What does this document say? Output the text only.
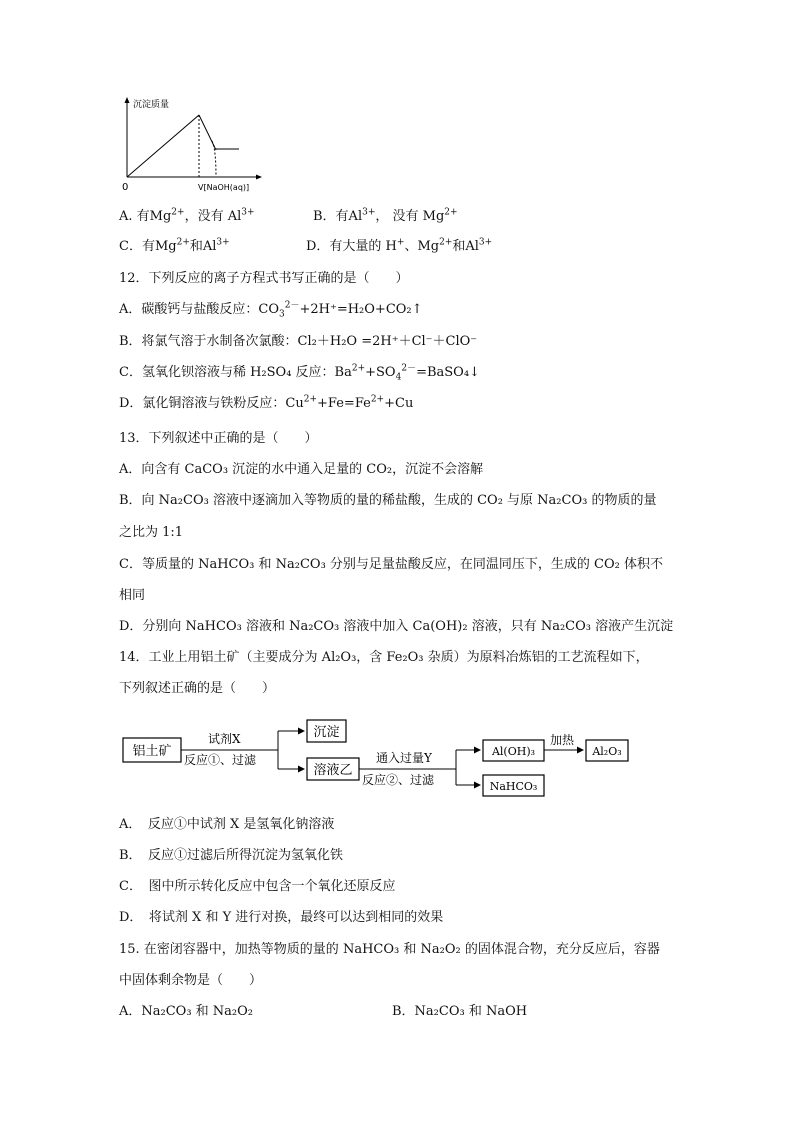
沉淀质量
0	V[NaOH(aq)]
A. 有$Mg^{2+}$，没有 $Al^{3+}$	B．有$Al^{3+}$， 没有 $Mg^{2+}$
C．有$Mg^{2+}$和$Al^{3+}$	D．有大量的 H+、$Mg^{2+}$和$Al^{3+}$
12．下列反应的离子方程式书写正确的是（　　）
A．碳酸钙与盐酸反应：$CO_3^{2-}+2H^+=H_2O+CO_2↑$
B．将氯气溶于水制备次氯酸：Cl₂＋H₂O =2H⁺＋Cl⁻＋ClO⁻
C．氢氧化钡溶液与稀 H₂SO₄ 反应：$Ba^{2+}+SO_4^{2-}=BaSO_4↓$
D．氯化铜溶液与铁粉反应：$Cu^{2+}+Fe=Fe^{2+}+Cu$
13．下列叙述中正确的是（　　）
A．向含有 CaCO₃ 沉淀的水中通入足量的 CO₂，沉淀不会溶解
B．向 Na₂CO₃ 溶液中逐滴加入等物质的量的稀盐酸，生成的 CO₂ 与原 Na₂CO₃ 的物质的量
之比为 1:1
C．等质量的 NaHCO₃ 和 Na₂CO₃ 分别与足量盐酸反应，在同温同压下，生成的 CO₂ 体积不
相同
D．分别向 NaHCO₃ 溶液和 Na₂CO₃ 溶液中加入 Ca(OH)₂ 溶液，只有 Na₂CO₃ 溶液产生沉淀
14．工业上用铝土矿（主要成分为 Al₂O₃，含 Fe₂O₃ 杂质）为原料冶炼铝的工艺流程如下，
下列叙述正确的是（　　）
铝土矿
试剂X
反应①、过滤
沉淀
溶液乙
通入过量Y
反应②、过滤
Al(OH)₃
加热
Al₂O₃
NaHCO₃
A．　反应①中试剂 X 是氢氧化钠溶液
B．　反应①过滤后所得沉淀为氢氧化铁
C．　图中所示转化反应中包含一个氧化还原反应
D．　将试剂 X 和 Y 进行对换，最终可以达到相同的效果
15. 在密闭容器中，加热等物质的量的 NaHCO₃ 和 Na₂O₂ 的固体混合物，充分反应后，容器
中固体剩余物是（　　）
A．Na₂CO₃ 和 Na₂O₂	B．Na₂CO₃ 和 NaOH
